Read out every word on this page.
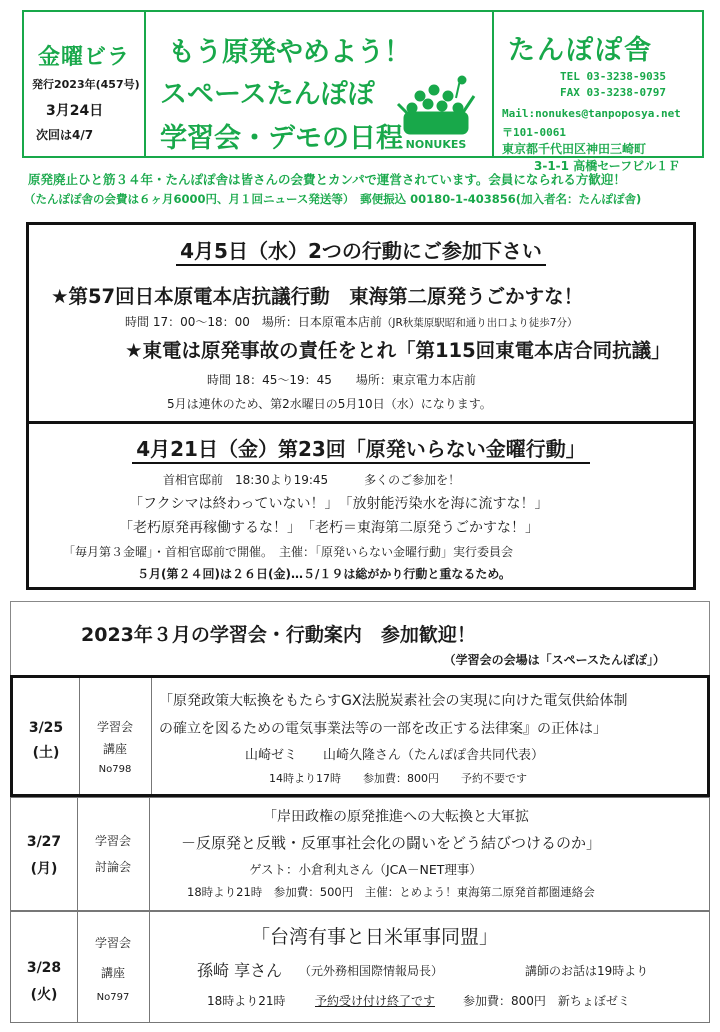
金曜ビラ
発行2023年(457号)
3月24日
次回は4/7
もう原発やめよう！
スペースたんぽぽ
学習会・デモの日程 NONUKES
たんぽぽ舎
TEL 03-3238-9035
FAX 03-3238-0797
Mail:nonukes@tanpoposya.net
〒101-0061
東京都千代田区神田三崎町
3-1-1 高橋セーフビル１Ｆ
原発廃止ひと筋３４年・たんぽぽ舎は皆さんの会費とカンパで運営されています。会員になられる方歓迎！
（たんぽぽ舎の会費は６ヶ月6000円、月１回ニュース発送等）　郵便振込 00180-1-403856(加入者名：たんぽぽ舎)
4月5日（水）2つの行動にご参加下さい
★第57回日本原電本店抗議行動　東海第二原発うごかすな！
時間 17：00～18：00　場所：日本原電本店前（JR秋葉原駅昭和通り出口より徒歩7分）
★東電は原発事故の責任をとれ「第115回東電本店合同抗議」
時間 18：45～19：45　　場所：東京電力本店前
5月は連休のため、第2水曜日の5月10日（水）になります。
4月21日（金）第23回「原発いらない金曜行動」
首相官邸前　18:30より19:45　　　多くのご参加を！
「フクシマは終わっていない！」　「放射能汚染水を海に流すな！」
「老朽原発再稼働するな！」　「老朽＝東海第二原発うごかすな！」
「毎月第３金曜」・首相官邸前で開催。　主催：「原発いらない金曜行動」実行委員会
５月(第２４回)は２６日(金)…５/１９は総がかり行動と重なるため。
2023年３月の学習会・行動案内　参加歓迎！
（学習会の会場は「スペースたんぽぽ」）
3/25
(土)
学習会
講座
No798
「原発政策大転換をもたらすGX法脱炭素社会の実現に向けた電気供給体制
の確立を図るための電気事業法等の一部を改正する法律案』の正体は」
山崎ゼミ　　山崎久隆さん（たんぽぽ舎共同代表）
14時より17時　　参加費：800円　　予約不要です
3/27
(月)
学習会
討論会
「岸田政権の原発推進への大転換と大軍拡
－反原発と反戦・反軍事社会化の闘いをどう結びつけるのか」
ゲスト：小倉利丸さん（JCA－NET理事）
18時より21時　参加費：500円　主催：とめよう！東海第二原発首都圏連絡会
3/28
(火)
学習会
講座
No797
「台湾有事と日米軍事同盟」
孫崎 享さん （元外務相国際情報局長）	講師のお話は19時より
18時より21時 予約受け付け終了です 参加費：800円　新ちょぼゼミ
